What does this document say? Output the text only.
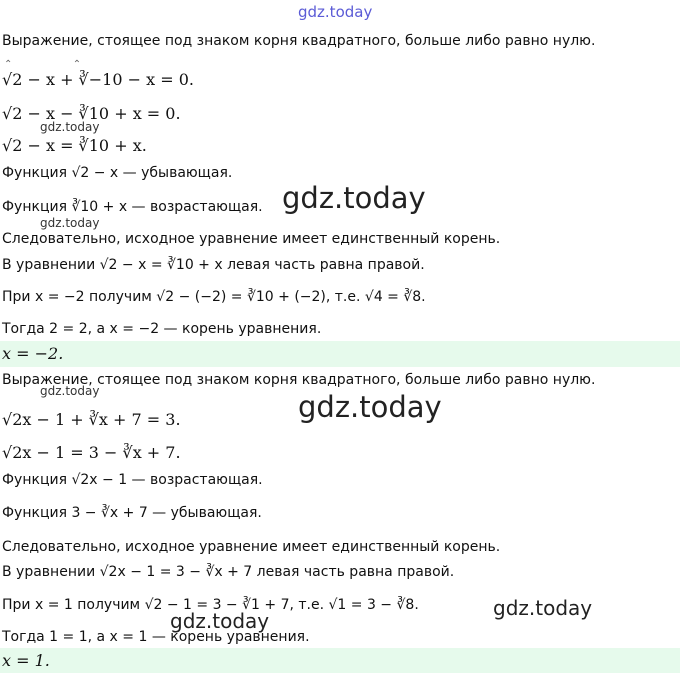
gdz.today
gdz.today
gdz.today
gdz.today
gdz.today
gdz.today
gdz.today
gdz.today
Выражение, стоящее под знаком корня квадратного, больше либо равно нулю.
⌃                   ⌃
√2 − x + ∛−10 − x = 0.
√2 − x − ∛10 + x = 0.
√2 − x = ∛10 + x.
Функция √2 − x — убывающая.
Функция ∛10 + x — возрастающая.
Следовательно, исходное уравнение имеет единственный корень.
В уравнении √2 − x = ∛10 + x левая часть равна правой.
При x = −2 получим √2 − (−2) = ∛10 + (−2), т.е. √4 = ∛8.
Тогда 2 = 2, а x = −2 — корень уравнения.
x = −2.
Выражение, стоящее под знаком корня квадратного, больше либо равно нулю.
√2x − 1 + ∛x + 7 = 3.
√2x − 1 = 3 − ∛x + 7.
Функция √2x − 1 — возрастающая.
Функция 3 − ∛x + 7 — убывающая.
Следовательно, исходное уравнение имеет единственный корень.
В уравнении √2x − 1 = 3 − ∛x + 7 левая часть равна правой.
При x = 1 получим √2 − 1 = 3 − ∛1 + 7, т.е. √1 = 3 − ∛8.
Тогда 1 = 1, а x = 1 — корень уравнения.
x = 1.
